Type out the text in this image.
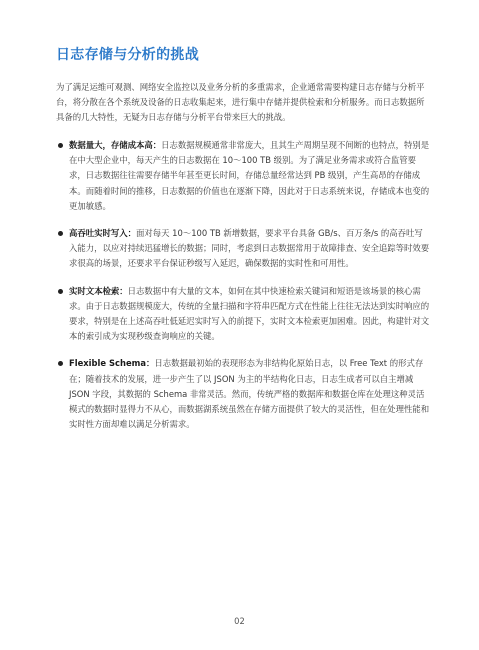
日志存储与分析的挑战

为了满足运维可观测、网络安全监控以及业务分析的多重需求，企业通常需要构建日志存储与分析平台，将分散在各个系统及设备的日志收集起来，进行集中存储并提供检索和分析服务。而日志数据所具备的几大特性，无疑为日志存储与分析平台带来巨大的挑战。

数据量大，存储成本高：日志数据规模通常非常庞大，且其生产周期呈现不间断的也特点，特别是在中大型企业中，每天产生的日志数据在 10～100 TB 级别。为了满足业务需求或符合监管要求，日志数据往往需要存储半年甚至更长时间，存储总量经常达到 PB 级别，产生高昂的存储成本。而随着时间的推移，日志数据的价值也在逐渐下降，因此对于日志系统来说，存储成本也变的更加敏感。
高吞吐实时写入：面对每天 10～100 TB 新增数据，要求平台具备 GB/s、百万条/s 的高吞吐写入能力，以应对持续迅猛增长的数据；同时，考虑到日志数据常用于故障排查、安全追踪等时效要求很高的场景，还要求平台保证秒级写入延迟，确保数据的实时性和可用性。
实时文本检索：日志数据中有大量的文本，如何在其中快速检索关键词和短语是该场景的核心需求。由于日志数据规模庞大，传统的全量扫描和字符串匹配方式在性能上往往无法达到实时响应的要求，特别是在上述高吞吐低延迟实时写入的前提下，实时文本检索更加困难。因此，构建针对文本的索引成为实现秒级查询响应的关键。
Flexible Schema：日志数据最初始的表现形态为非结构化原始日志，以 Free Text 的形式存在；随着技术的发展，进一步产生了以 JSON 为主的半结构化日志，日志生成者可以自主增减 JSON 字段，其数据的 Schema 非常灵活。然而，传统严格的数据库和数据仓库在处理这种灵活模式的数据时显得力不从心，而数据湖系统虽然在存储方面提供了较大的灵活性，但在处理性能和实时性方面却难以满足分析需求。
02
